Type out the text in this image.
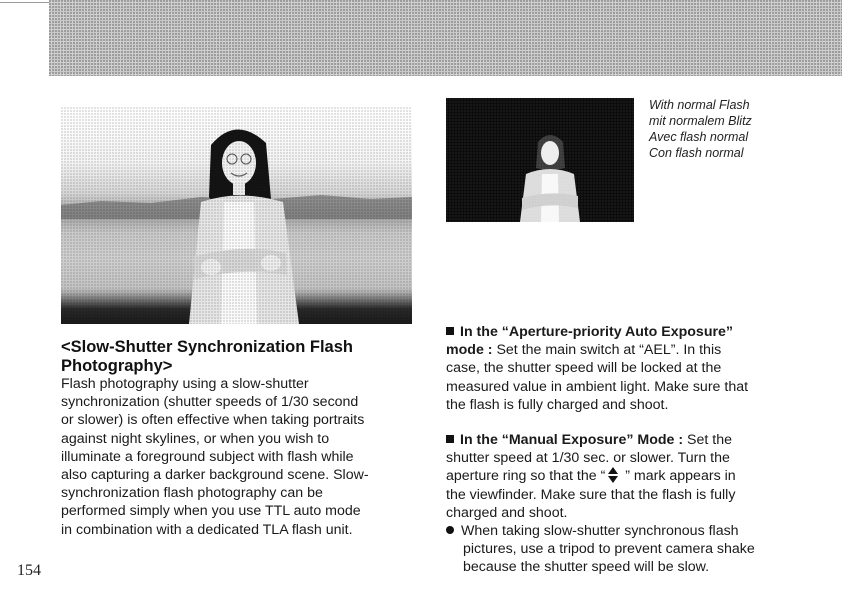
With normal Flash
mit normalem Blitz
Avec flash normal
Con flash normal
<Slow-Shutter Synchronization Flash
Photography>
Flash photography using a slow-shutter
synchronization (shutter speeds of 1/30 second
or slower) is often effective when taking portraits
against night skylines, or when you wish to
illuminate a foreground subject with flash while
also capturing a darker background scene. Slow-
synchronization flash photography can be
performed simply when you use TTL auto mode
in combination with a dedicated TLA flash unit.
In the “Aperture-priority Auto Exposure”
mode : Set the main switch at “AEL”. In this
case, the shutter speed will be locked at the
measured value in ambient light. Make sure that
the flash is fully charged and shoot.
In the “Manual Exposure” Mode : Set the
shutter speed at 1/30 sec. or slower. Turn the
aperture ring so that the “ ” mark appears in
the viewfinder. Make sure that the flash is fully
charged and shoot.
When taking slow-shutter synchronous flash
pictures, use a tripod to prevent camera shake
because the shutter speed will be slow.
154
